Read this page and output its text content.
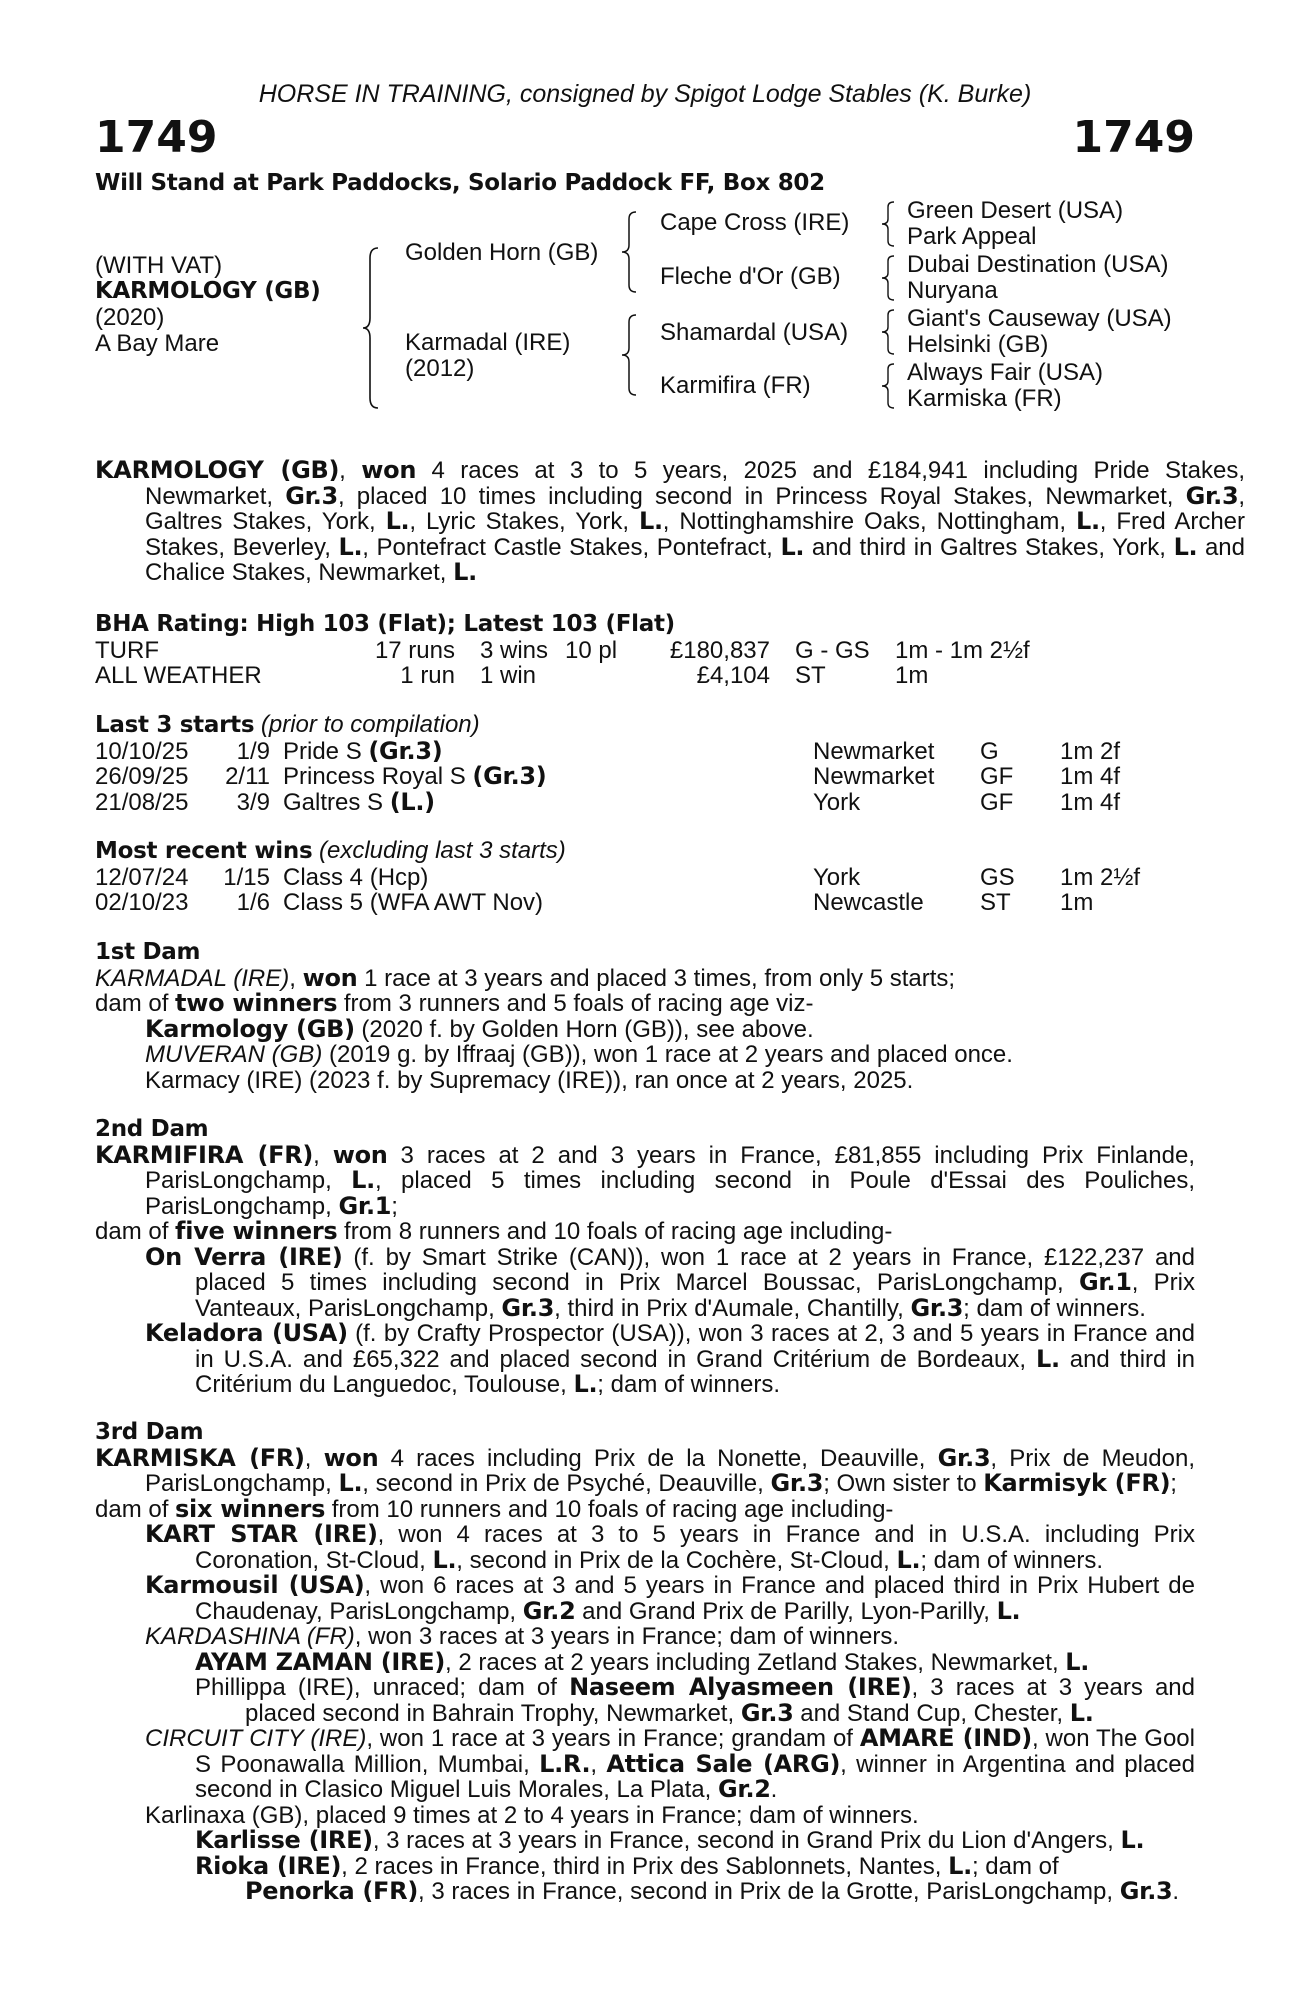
HORSE IN TRAINING, consigned by Spigot Lodge Stables (K. Burke)
1749	1749
Will Stand at Park Paddocks, Solario Paddock FF, Box 802
(WITH VAT)
KARMOLOGY (GB)
(2020)
A Bay Mare
Golden Horn (GB)
Karmadal (IRE)
(2012)
Cape Cross (IRE)
Fleche d'Or (GB)
Shamardal (USA)
Karmifira (FR)
Green Desert (USA)
Park Appeal
Dubai Destination (USA)
Nuryana
Giant's Causeway (USA)
Helsinki (GB)
Always Fair (USA)
Karmiska (FR)
KARMOLOGY (GB), won 4 races at 3 to 5 years, 2025 and £184,941 including Pride Stakes, Newmarket, Gr.3, placed 10 times including second in Princess Royal Stakes, Newmarket, Gr.3, Galtres Stakes, York, L., Lyric Stakes, York, L., Nottinghamshire Oaks, Nottingham, L., Fred Archer Stakes, Beverley, L., Pontefract Castle Stakes, Pontefract, L. and third in Galtres Stakes, York, L. and Chalice Stakes, Newmarket, L.
BHA Rating: High 103 (Flat); Latest 103 (Flat)
TURF	17 runs 3 wins 10 pl	£180,837 G - GS 1m - 1m 2½f
ALL WEATHER	1 run 1 win	£4,104 ST	1m
Last 3 starts (prior to compilation)
10/10/25	1/9 Pride S (Gr.3)	Newmarket G	1m 2f
26/09/25	2/11 Princess Royal S (Gr.3)	Newmarket GF 1m 4f
21/08/25	3/9 Galtres S (L.)	York	GF 1m 4f
Most recent wins (excluding last 3 starts)
12/07/24	1/15 Class 4 (Hcp)	York	GS 1m 2½f
02/10/23	1/6 Class 5 (WFA AWT Nov)	Newcastle ST 1m
1st Dam
KARMADAL (IRE), won 1 race at 3 years and placed 3 times, from only 5 starts;
dam of two winners from 3 runners and 5 foals of racing age viz-
Karmology (GB) (2020 f. by Golden Horn (GB)), see above.
MUVERAN (GB) (2019 g. by Iffraaj (GB)), won 1 race at 2 years and placed once.
Karmacy (IRE) (2023 f. by Supremacy (IRE)), ran once at 2 years, 2025.
2nd Dam
KARMIFIRA (FR), won 3 races at 2 and 3 years in France, £81,855 including Prix Finlande, ParisLongchamp, L., placed 5 times including second in Poule d'Essai des Pouliches, ParisLongchamp, Gr.1;
dam of five winners from 8 runners and 10 foals of racing age including-
On Verra (IRE) (f. by Smart Strike (CAN)), won 1 race at 2 years in France, £122,237 and placed 5 times including second in Prix Marcel Boussac, ParisLongchamp, Gr.1, Prix Vanteaux, ParisLongchamp, Gr.3, third in Prix d'Aumale, Chantilly, Gr.3; dam of winners.
Keladora (USA) (f. by Crafty Prospector (USA)), won 3 races at 2, 3 and 5 years in France and in U.S.A. and £65,322 and placed second in Grand Critérium de Bordeaux, L. and third in Critérium du Languedoc, Toulouse, L.; dam of winners.
3rd Dam
KARMISKA (FR), won 4 races including Prix de la Nonette, Deauville, Gr.3, Prix de Meudon, ParisLongchamp, L., second in Prix de Psyché, Deauville, Gr.3; Own sister to Karmisyk (FR);
dam of six winners from 10 runners and 10 foals of racing age including-
KART STAR (IRE), won 4 races at 3 to 5 years in France and in U.S.A. including Prix Coronation, St-Cloud, L., second in Prix de la Cochère, St-Cloud, L.; dam of winners.
Karmousil (USA), won 6 races at 3 and 5 years in France and placed third in Prix Hubert de Chaudenay, ParisLongchamp, Gr.2 and Grand Prix de Parilly, Lyon-Parilly, L.
KARDASHINA (FR), won 3 races at 3 years in France; dam of winners.
AYAM ZAMAN (IRE), 2 races at 2 years including Zetland Stakes, Newmarket, L.
Phillippa (IRE), unraced; dam of Naseem Alyasmeen (IRE), 3 races at 3 years and placed second in Bahrain Trophy, Newmarket, Gr.3 and Stand Cup, Chester, L.
CIRCUIT CITY (IRE), won 1 race at 3 years in France; grandam of AMARE (IND), won The Gool S Poonawalla Million, Mumbai, L.R., Attica Sale (ARG), winner in Argentina and placed second in Clasico Miguel Luis Morales, La Plata, Gr.2.
Karlinaxa (GB), placed 9 times at 2 to 4 years in France; dam of winners.
Karlisse (IRE), 3 races at 3 years in France, second in Grand Prix du Lion d'Angers, L.
Rioka (IRE), 2 races in France, third in Prix des Sablonnets, Nantes, L.; dam of
Penorka (FR), 3 races in France, second in Prix de la Grotte, ParisLongchamp, Gr.3.
